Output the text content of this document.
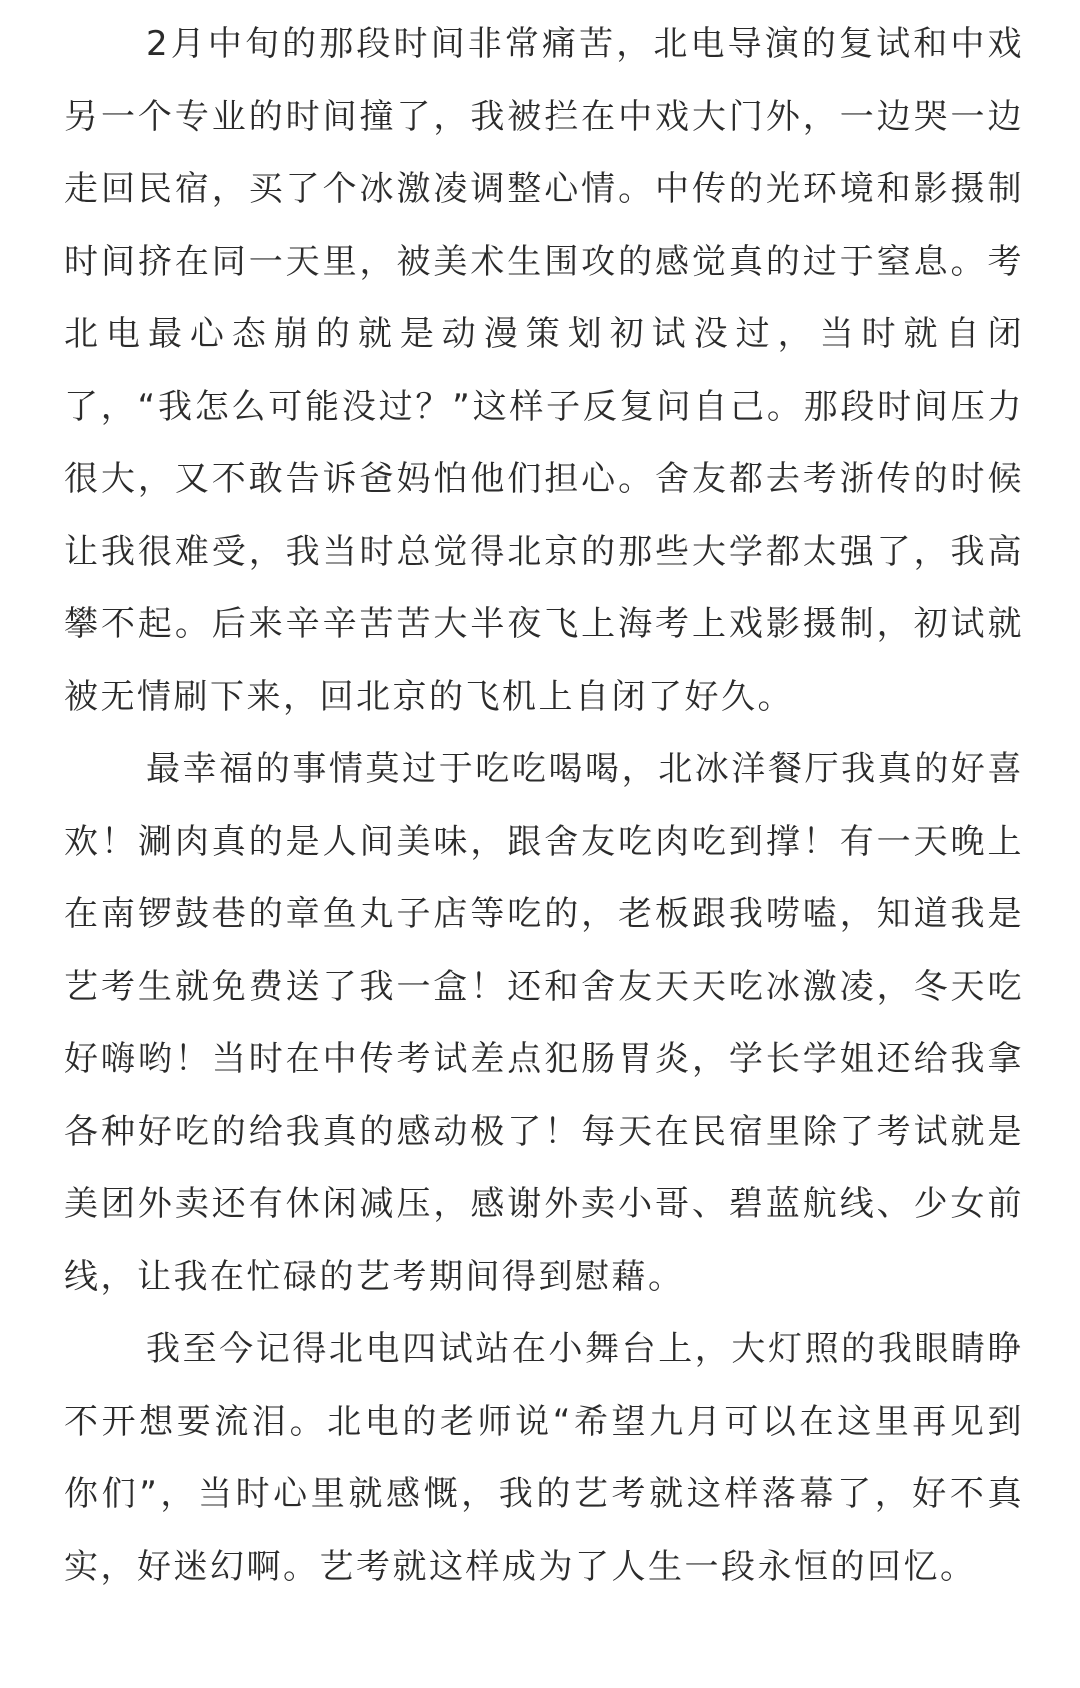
2月中旬的那段时间非常痛苦，北电导演的复试和中戏另一个专业的时间撞了，我被拦在中戏大门外，一边哭一边走回民宿，买了个冰激凌调整心情。中传的光环境和影摄制时间挤在同一天里，被美术生围攻的感觉真的过于窒息。考北电最心态崩的就是动漫策划初试没过，当时就自闭了，“我怎么可能没过？”这样子反复问自己。那段时间压力很大，又不敢告诉爸妈怕他们担心。舍友都去考浙传的时候让我很难受，我当时总觉得北京的那些大学都太强了，我高攀不起。后来辛辛苦苦大半夜飞上海考上戏影摄制，初试就被无情刷下来，回北京的飞机上自闭了好久。

最幸福的事情莫过于吃吃喝喝，北冰洋餐厅我真的好喜欢！涮肉真的是人间美味，跟舍友吃肉吃到撑！有一天晚上在南锣鼓巷的章鱼丸子店等吃的，老板跟我唠嗑，知道我是艺考生就免费送了我一盒！还和舍友天天吃冰激凌，冬天吃好嗨哟！当时在中传考试差点犯肠胃炎，学长学姐还给我拿各种好吃的给我真的感动极了！每天在民宿里除了考试就是美团外卖还有休闲减压，感谢外卖小哥、碧蓝航线、少女前线，让我在忙碌的艺考期间得到慰藉。

我至今记得北电四试站在小舞台上，大灯照的我眼睛睁不开想要流泪。北电的老师说“希望九月可以在这里再见到你们”，当时心里就感慨，我的艺考就这样落幕了，好不真实，好迷幻啊。艺考就这样成为了人生一段永恒的回忆。
